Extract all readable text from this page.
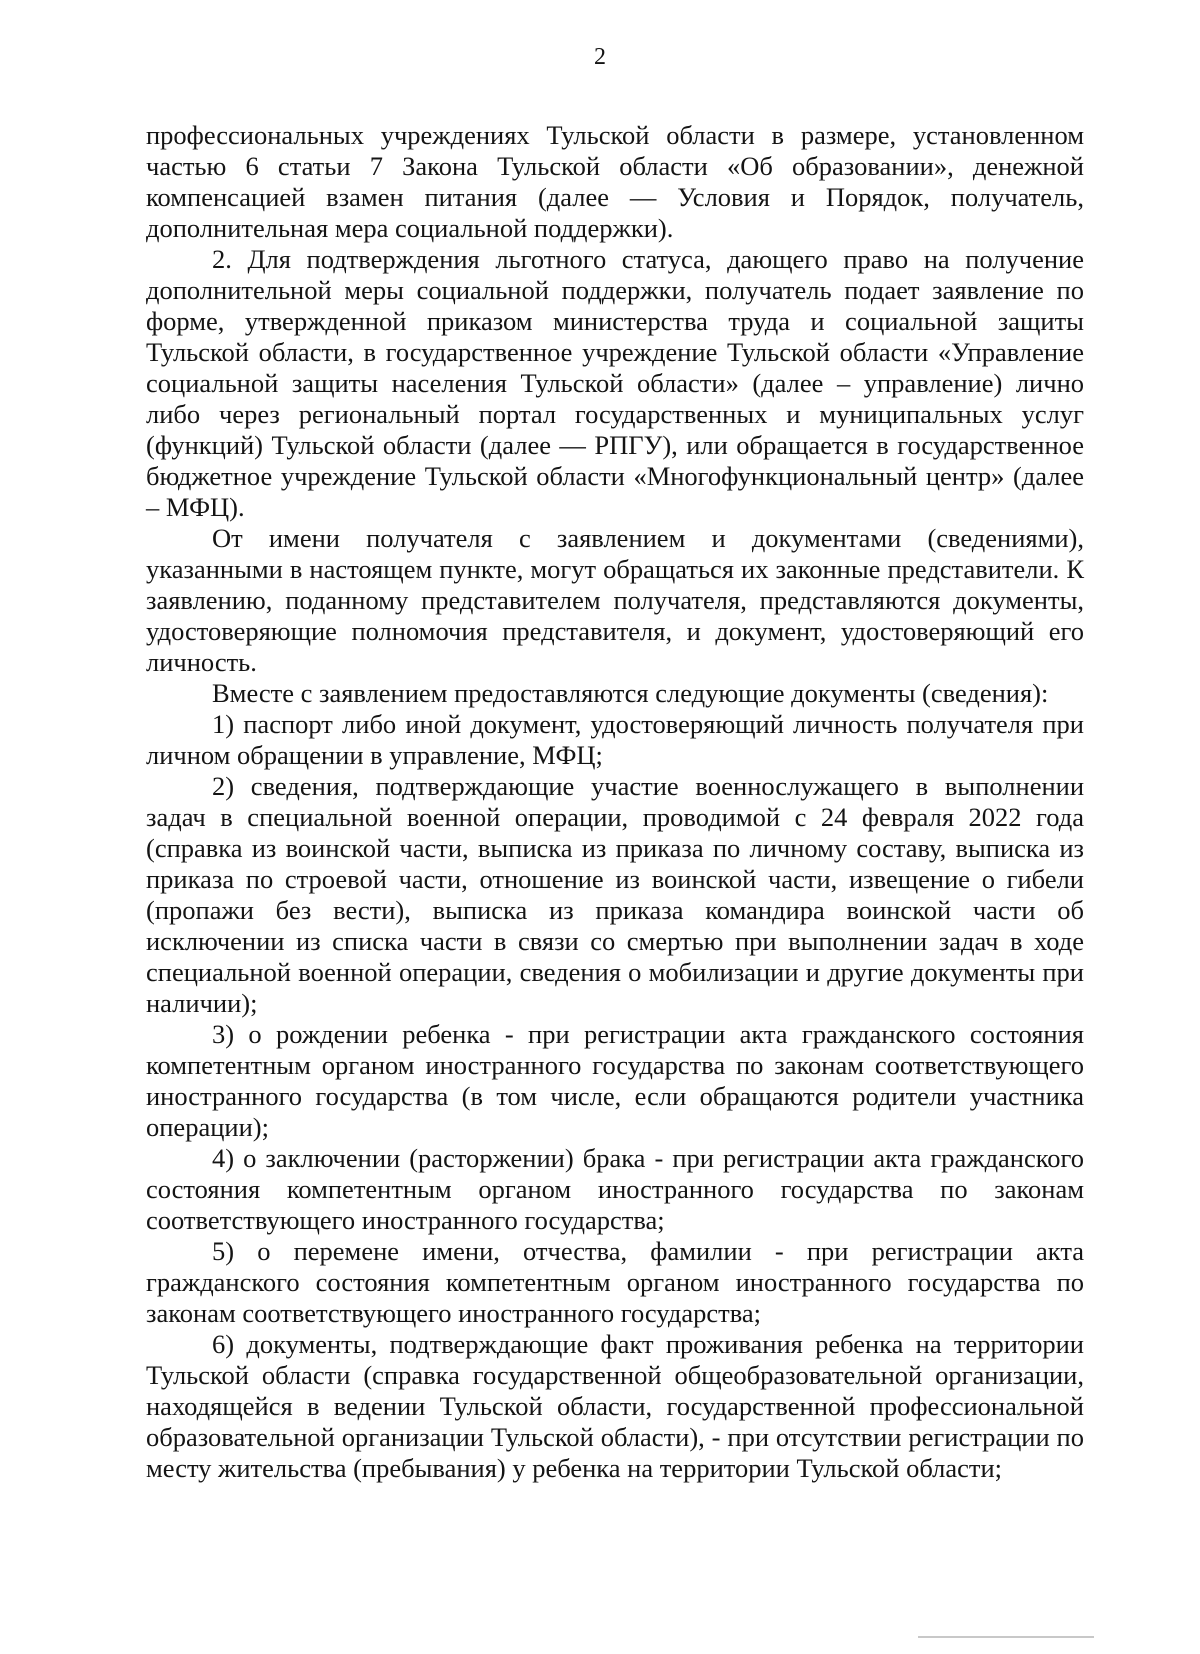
2

профессиональных учреждениях Тульской области в размере, установленном частью 6 статьи 7 Закона Тульской области «Об образовании», денежной компенсацией взамен питания (далее — Условия и Порядок, получатель, дополнительная мера социальной поддержки).

2. Для подтверждения льготного статуса, дающего право на получение дополнительной меры социальной поддержки, получатель подает заявление по форме, утвержденной приказом министерства труда и социальной защиты Тульской области, в государственное учреждение Тульской области «Управление социальной защиты населения Тульской области» (далее – управление) лично либо через региональный портал государственных и муниципальных услуг (функций) Тульской области (далее — РПГУ), или обращается в государственное бюджетное учреждение Тульской области «Многофункциональный центр» (далее – МФЦ).

От имени получателя с заявлением и документами (сведениями), указанными в настоящем пункте, могут обращаться их законные представители. К заявлению, поданному представителем получателя, представляются документы, удостоверяющие полномочия представителя, и документ, удостоверяющий его личность.

Вместе с заявлением предоставляются следующие документы (сведения):

1) паспорт либо иной документ, удостоверяющий личность получателя при личном обращении в управление, МФЦ;

2) сведения, подтверждающие участие военнослужащего в выполнении задач в специальной военной операции, проводимой с 24 февраля 2022 года (справка из воинской части, выписка из приказа по личному составу, выписка из приказа по строевой части, отношение из воинской части, извещение о гибели (пропажи без вести), выписка из приказа командира воинской части об исключении из списка части в связи со смертью при выполнении задач в ходе специальной военной операции, сведения о мобилизации и другие документы при наличии);

3) о рождении ребенка - при регистрации акта гражданского состояния компетентным органом иностранного государства по законам соответствующего иностранного государства (в том числе, если обращаются родители участника операции);

4) о заключении (расторжении) брака - при регистрации акта гражданского состояния компетентным органом иностранного государства по законам соответствующего иностранного государства;

5) о перемене имени, отчества, фамилии - при регистрации акта гражданского состояния компетентным органом иностранного государства по законам соответствующего иностранного государства;

6) документы, подтверждающие факт проживания ребенка на территории Тульской области (справка государственной общеобразовательной организации, находящейся в ведении Тульской области, государственной профессиональной образовательной организации Тульской области), - при отсутствии регистрации по месту жительства (пребывания) у ребенка на территории Тульской области;
